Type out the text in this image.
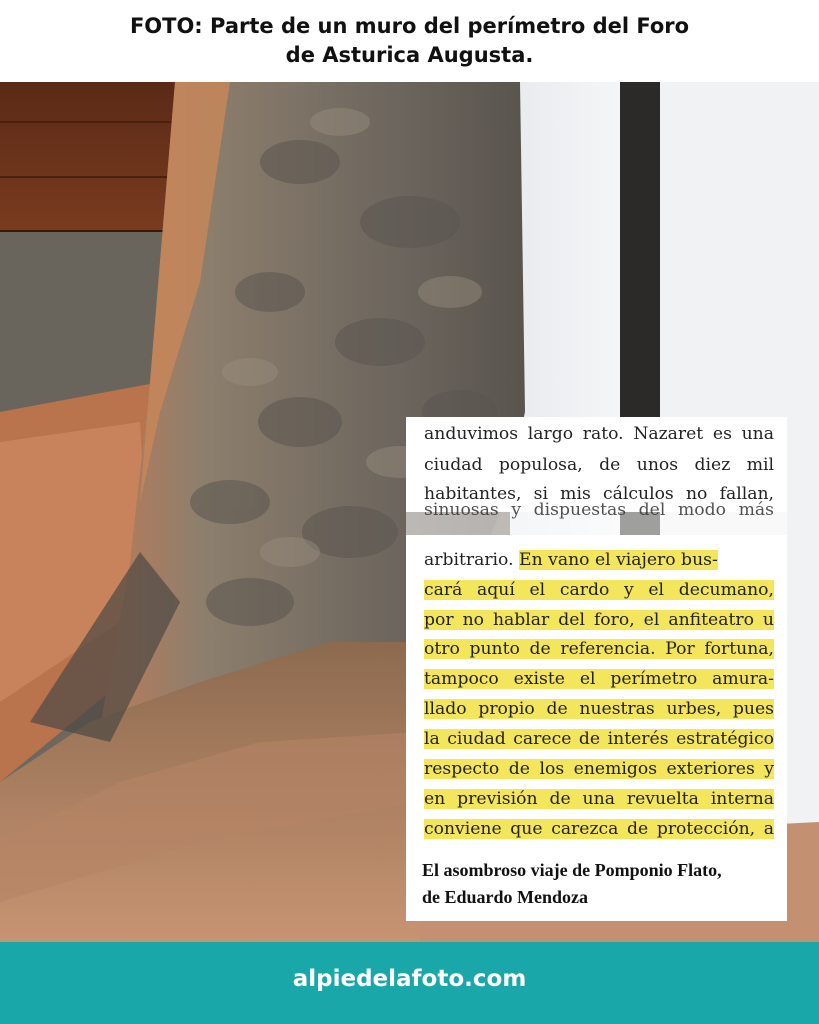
FOTO: Parte de un muro del perímetro del Foro
de Asturica Augusta.
anduvimos largo rato. Nazaret es una
ciudad populosa, de unos diez mil
habitantes, si mis cálculos no fallan,
sinuosas y dispuestas del modo más
arbitrario. En vano el viajero bus-
cará aquí el cardo y el decumano,
por no hablar del foro, el anfiteatro u
otro punto de referencia. Por fortuna,
tampoco existe el perímetro amura-
llado propio de nuestras urbes, pues
la ciudad carece de interés estratégico
respecto de los enemigos exteriores y
en previsión de una revuelta interna
conviene que carezca de protección, a
El asombroso viaje de Pomponio Flato,
de Eduardo Mendoza
alpiedelafoto.com
